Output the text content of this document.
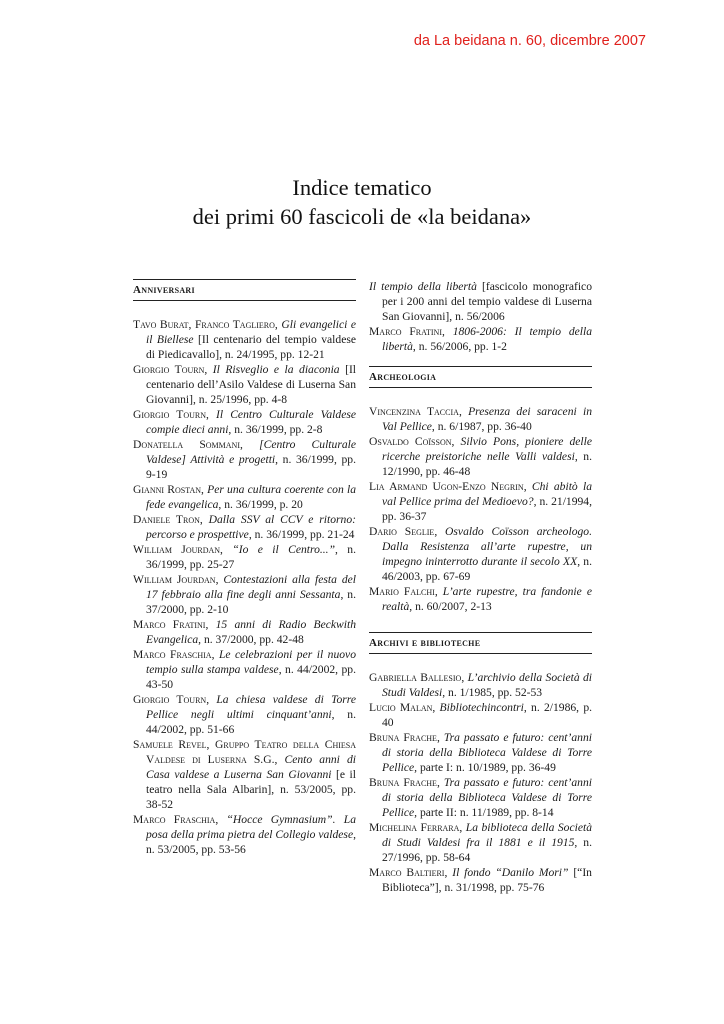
da La beidana n. 60, dicembre 2007
Indice tematico
dei primi 60 fascicoli de «la beidana»
Anniversari

Tavo Burat, Franco Tagliero, Gli evangelici e il Biellese [Il centenario del tempio valdese di Piedicavallo], n. 24/1995, pp. 12-21

Giorgio Tourn, Il Risveglio e la diaconia [Il centenario dell’Asilo Valdese di Luserna San Giovanni], n. 25/1996, pp. 4-8

Giorgio Tourn, Il Centro Culturale Valdese compie dieci anni, n. 36/1999, pp. 2-8

Donatella Sommani, [Centro Culturale Valdese] Attività e progetti, n. 36/1999, pp. 9-19

Gianni Rostan, Per una cultura coerente con la fede evangelica, n. 36/1999, p. 20

Daniele Tron, Dalla SSV al CCV e ritorno: percorso e prospettive, n. 36/1999, pp. 21-24

William Jourdan, “Io e il Centro...”, n. 36/1999, pp. 25-27

William Jourdan, Contestazioni alla festa del 17 febbraio alla fine degli anni Sessanta, n. 37/2000, pp. 2-10

Marco Fratini, 15 anni di Radio Beckwith Evangelica, n. 37/2000, pp. 42-48

Marco Fraschia, Le celebrazioni per il nuovo tempio sulla stampa valdese, n. 44/2002, pp. 43-50

Giorgio Tourn, La chiesa valdese di Torre Pellice negli ultimi cinquant’anni, n. 44/2002, pp. 51-66

Samuele Revel, Gruppo Teatro della Chiesa Valdese di Luserna S.G., Cento anni di Casa valdese a Luserna San Giovanni [e il teatro nella Sala Albarin], n. 53/2005, pp. 38-52

Marco Fraschia, “Hocce Gymnasium”. La posa della prima pietra del Collegio valdese, n. 53/2005, pp. 53-56

Il tempio della libertà [fascicolo monografico per i 200 anni del tempio valdese di Luserna San Giovanni], n. 56/2006

Marco Fratini, 1806-2006: Il tempio della libertà, n. 56/2006, pp. 1-2

Archeologia

Vincenzina Taccia, Presenza dei saraceni in Val Pellice, n. 6/1987, pp. 36-40

Osvaldo Coïsson, Silvio Pons, pioniere delle ricerche preistoriche nelle Valli valdesi, n. 12/1990, pp. 46-48

Lia Armand Ugon-Enzo Negrin, Chi abitò la val Pellice prima del Medioevo?, n. 21/1994, pp. 36-37

Dario Seglie, Osvaldo Coïsson archeologo. Dalla Resistenza all’arte rupestre, un impegno ininterrotto durante il secolo XX, n. 46/2003, pp. 67-69

Mario Falchi, L’arte rupestre, tra fandonie e realtà, n. 60/2007, 2-13

Archivi e biblioteche

Gabriella Ballesio, L’archivio della Società di Studi Valdesi, n. 1/1985, pp. 52-53

Lucio Malan, Bibliotechincontri, n. 2/1986, p. 40

Bruna Frache, Tra passato e futuro: cent’anni di storia della Biblioteca Valdese di Torre Pellice, parte I: n. 10/1989, pp. 36-49

Bruna Frache, Tra passato e futuro: cent’anni di storia della Biblioteca Valdese di Torre Pellice, parte II: n. 11/1989, pp. 8-14

Michelina Ferrara, La biblioteca della Società di Studi Valdesi fra il 1881 e il 1915, n. 27/1996, pp. 58-64

Marco Baltieri, Il fondo “Danilo Mori” [“In Biblioteca”], n. 31/1998, pp. 75-76
